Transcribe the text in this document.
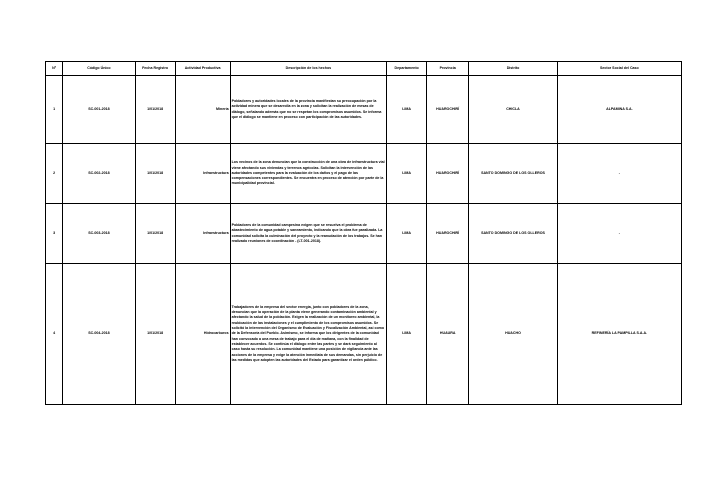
Nº	Código Único	Fecha Registro	Actividad Productiva	Descripción de los hechos	Departamento	Provincia	Distrito	Sector Social del Caso
1	SC-001-2018	1/01/2018	Minería	Pobladores y autoridades locales de la provincia manifiestan su preocupación por la actividad minera que se desarrolla en la zona y solicitan la realización de mesas de diálogo, señalando además que no se respetan los compromisos asumidos. Se informa que el diálogo se mantiene en proceso con participación de las autoridades.	LIMA	HUAROCHIRÍ	CHICLA	ALPAMINA S.A.
2	SC-002-2018	1/01/2018	Infraestructura	Los vecinos de la zona denuncian que la construcción de una obra de infraestructura vial viene afectando sus viviendas y terrenos agrícolas. Solicitan la intervención de las autoridades competentes para la evaluación de los daños y el pago de las compensaciones correspondientes. Se encuentra en proceso de atención por parte de la municipalidad provincial.	LIMA	HUAROCHIRÍ	SANTO DOMINGO DE LOS OLLEROS	-
3	SC-003-2018	1/01/2018	Infraestructura	Pobladores de la comunidad campesina exigen que se resuelva el problema de abastecimiento de agua potable y saneamiento, indicando que la obra fue paralizada. La comunidad solicita la culminación del proyecto y la reanudación de los trabajos. Se han realizado reuniones de coordinación - (LT-001-2018).	LIMA	HUAROCHIRÍ	SANTO DOMINGO DE LOS OLLEROS	-
4	SC-004-2018	1/01/2018	Hidrocarburos	Trabajadores de la empresa del sector energía, junto con pobladores de la zona, denuncian que la operación de la planta viene generando contaminación ambiental y afectando la salud de la población. Exigen la realización de un monitoreo ambiental, la reubicación de las instalaciones y el cumplimiento de los compromisos asumidos. Se solicitó la intervención del Organismo de Evaluación y Fiscalización Ambiental, así como de la Defensoría del Pueblo. Asimismo, se informa que los dirigentes de la comunidad han convocado a una mesa de trabajo para el día de mañana, con la finalidad de establecer acuerdos. Se continúa el diálogo entre las partes y se dará seguimiento al caso hasta su resolución. La comunidad mantiene una posición de vigilancia ante las acciones de la empresa y exige la atención inmediata de sus demandas, sin perjuicio de las medidas que adopten las autoridades del Estado para garantizar el orden público.	LIMA	HUAURA	HUACHO	REFINERÍA LA PAMPILLA S.A.A.
